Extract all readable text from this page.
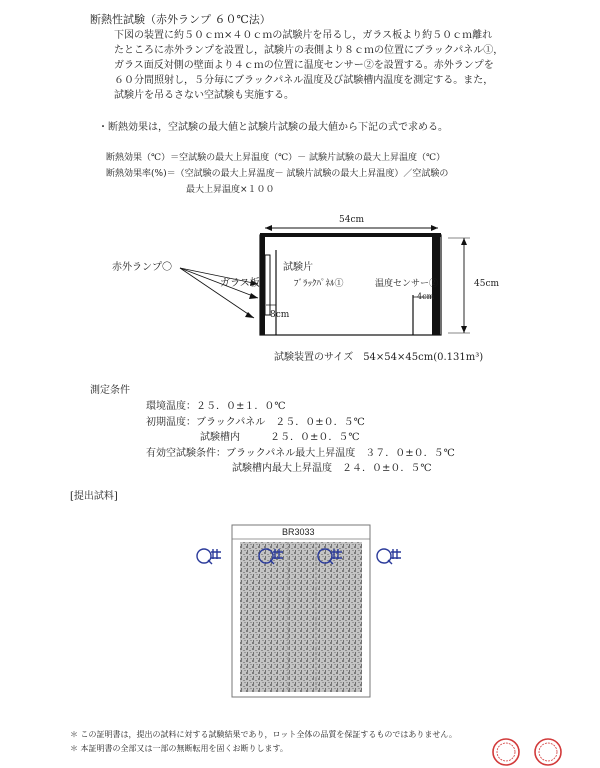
断熱性試験（赤外ランプ ６０℃法）
下図の装置に約５０ｃｍ×４０ｃｍの試験片を吊るし，ガラス板より約５０ｃｍ離れ
たところに赤外ランプを設置し，試験片の表側より８ｃｍの位置にブラックパネル①，
ガラス面反対側の壁面より４ｃｍの位置に温度センサー②を設置する。赤外ランプを
６０分間照射し，５分毎にブラックパネル温度及び試験槽内温度を測定する。また，
試験片を吊るさない空試験も実施する。
・断熱効果は，空試験の最大値と試験片試験の最大値から下記の式で求める。
断熱効果（℃）＝空試験の最大上昇温度（℃）－ 試験片試験の最大上昇温度（℃）
断熱効果率(%)＝（空試験の最大上昇温度－ 試験片試験の最大上昇温度）／空試験の
最大上昇温度×１００
赤外ランプ〇
ガラス板
試験片
ﾌﾞﾗｯｸﾊﾟﾈﾙ①	温度センサー②
54cm
45cm
8cm
4cm
試験装置のサイズ　54×54×45cm(0.131m³)
測定条件
環境温度：２５．０±１．０℃
初期温度：ブラックパネル　２５．０±０．５℃
試験槽内　　　２５．０±０．５℃
有効空試験条件：ブラックパネル最大上昇温度　３７．０±０．５℃
試験槽内最大上昇温度　２４．０±０．５℃
[提出試料]
BR3033
＊ この証明書は，提出の試料に対する試験結果であり，ロット全体の品質を保証するものではありません。
＊ 本証明書の全部又は一部の無断転用を固くお断りします。
